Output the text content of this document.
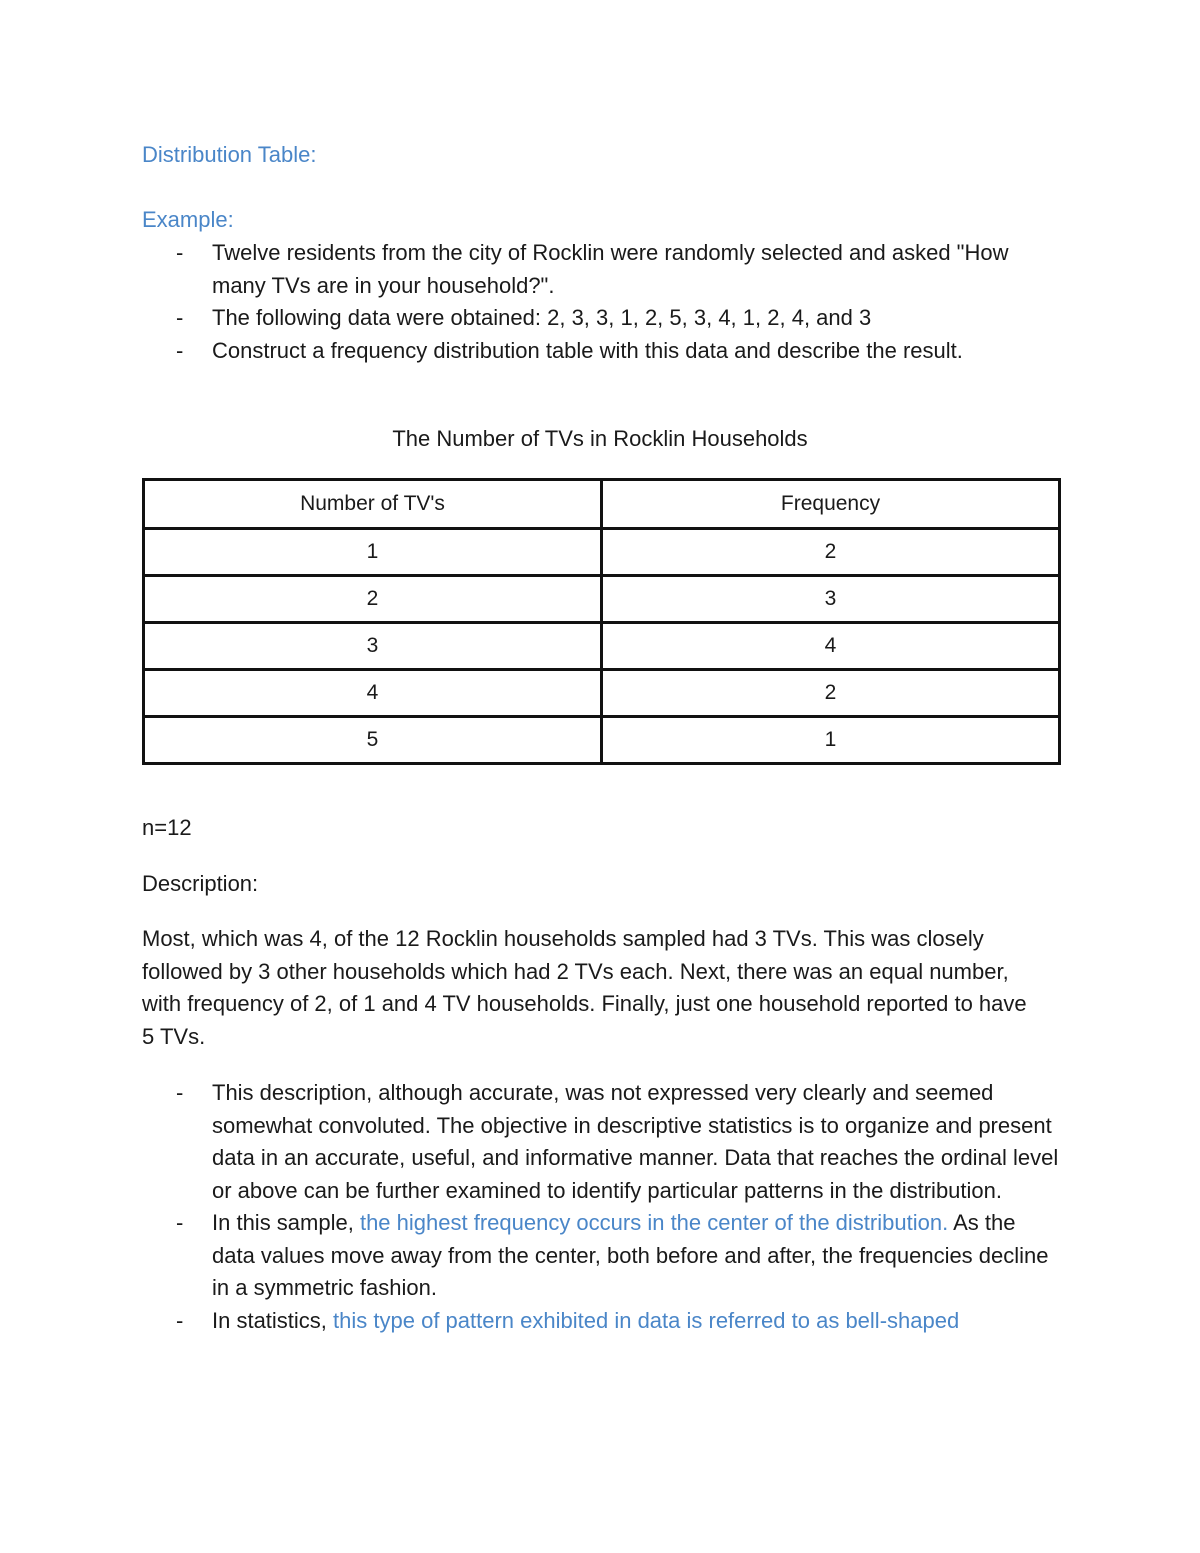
Distribution Table:
Example:
- Twelve residents from the city of Rocklin were randomly selected and asked "How many TVs are in your household?".
- The following data were obtained: 2, 3, 3, 1, 2, 5, 3, 4, 1, 2, 4, and 3
- Construct a frequency distribution table with this data and describe the result.
The Number of TVs in Rocklin Households
Number of TV's	Frequency
1	2
2	3
3	4
4	2
5	1

n=12

Description:

Most, which was 4, of the 12 Rocklin households sampled had 3 TVs. This was closely followed by 3 other households which had 2 TVs each. Next, there was an equal number, with frequency of 2, of 1 and 4 TV households. Finally, just one household reported to have 5 TVs.

- This description, although accurate, was not expressed very clearly and seemed somewhat convoluted. The objective in descriptive statistics is to organize and present data in an accurate, useful, and informative manner. Data that reaches the ordinal level or above can be further examined to identify particular patterns in the distribution.
- In this sample, the highest frequency occurs in the center of the distribution. As the data values move away from the center, both before and after, the frequencies decline in a symmetric fashion.
- In statistics, this type of pattern exhibited in data is referred to as bell-shaped
